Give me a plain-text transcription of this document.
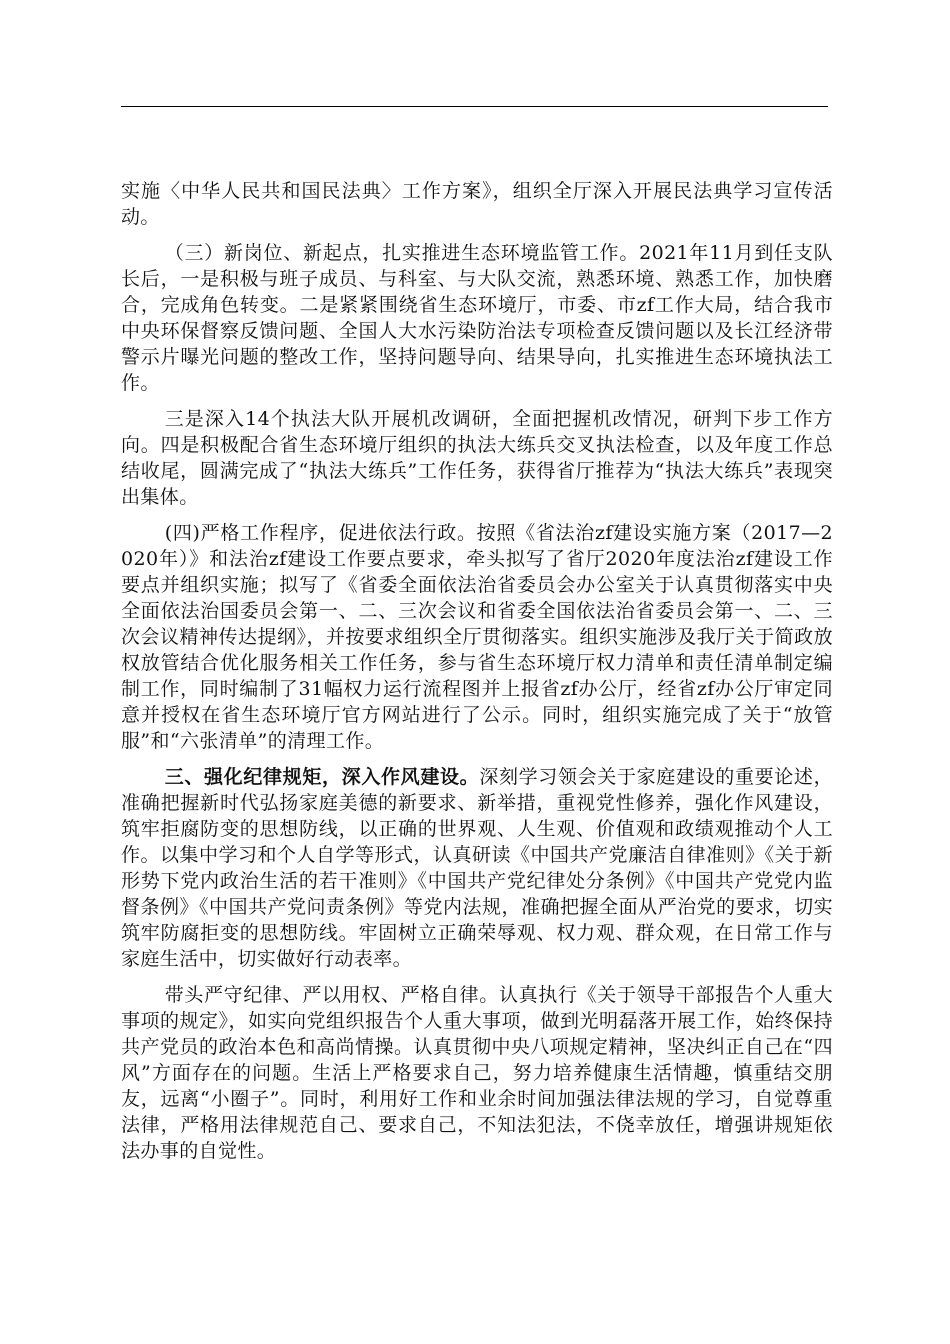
实施〈中华人民共和国民法典〉工作方案》，组织全厅深入开展民法典学习宣传活动。

（三）新岗位、新起点，扎实推进生态环境监管工作。2021年11月到任支队长后，一是积极与班子成员、与科室、与大队交流，熟悉环境、熟悉工作，加快磨合，完成角色转变。二是紧紧围绕省生态环境厅，市委、市zf工作大局，结合我市中央环保督察反馈问题、全国人大水污染防治法专项检查反馈问题以及长江经济带警示片曝光问题的整改工作，坚持问题导向、结果导向，扎实推进生态环境执法工作。

三是深入14个执法大队开展机改调研，全面把握机改情况，研判下步工作方向。四是积极配合省生态环境厅组织的执法大练兵交叉执法检查，以及年度工作总结收尾，圆满完成了“执法大练兵”工作任务，获得省厅推荐为“执法大练兵”表现突出集体。

(四)严格工作程序，促进依法行政。按照《省法治zf建设实施方案（2017—2020年）》和法治zf建设工作要点要求，牵头拟写了省厅2020年度法治zf建设工作要点并组织实施；拟写了《省委全面依法治省委员会办公室关于认真贯彻落实中央全面依法治国委员会第一、二、三次会议和省委全国依法治省委员会第一、二、三次会议精神传达提纲》，并按要求组织全厅贯彻落实。组织实施涉及我厅关于简政放权放管结合优化服务相关工作任务，参与省生态环境厅权力清单和责任清单制定编制工作，同时编制了31幅权力运行流程图并上报省zf办公厅，经省zf办公厅审定同意并授权在省生态环境厅官方网站进行了公示。同时，组织实施完成了关于“放管服”和“六张清单”的清理工作。

三、强化纪律规矩，深入作风建设。深刻学习领会关于家庭建设的重要论述，准确把握新时代弘扬家庭美德的新要求、新举措，重视党性修养，强化作风建设，筑牢拒腐防变的思想防线，以正确的世界观、人生观、价值观和政绩观推动个人工作。以集中学习和个人自学等形式，认真研读《中国共产党廉洁自律准则》《关于新形势下党内政治生活的若干准则》《中国共产党纪律处分条例》《中国共产党党内监督条例》《中国共产党问责条例》等党内法规，准确把握全面从严治党的要求，切实筑牢防腐拒变的思想防线。牢固树立正确荣辱观、权力观、群众观，在日常工作与家庭生活中，切实做好行动表率。

带头严守纪律、严以用权、严格自律。认真执行《关于领导干部报告个人重大事项的规定》，如实向党组织报告个人重大事项，做到光明磊落开展工作，始终保持共产党员的政治本色和高尚情操。认真贯彻中央八项规定精神，坚决纠正自己在“四风”方面存在的问题。生活上严格要求自己，努力培养健康生活情趣，慎重结交朋友，远离“小圈子”。同时，利用好工作和业余时间加强法律法规的学习，自觉尊重法律，严格用法律规范自己、要求自己，不知法犯法，不侥幸放任，增强讲规矩依法办事的自觉性。
